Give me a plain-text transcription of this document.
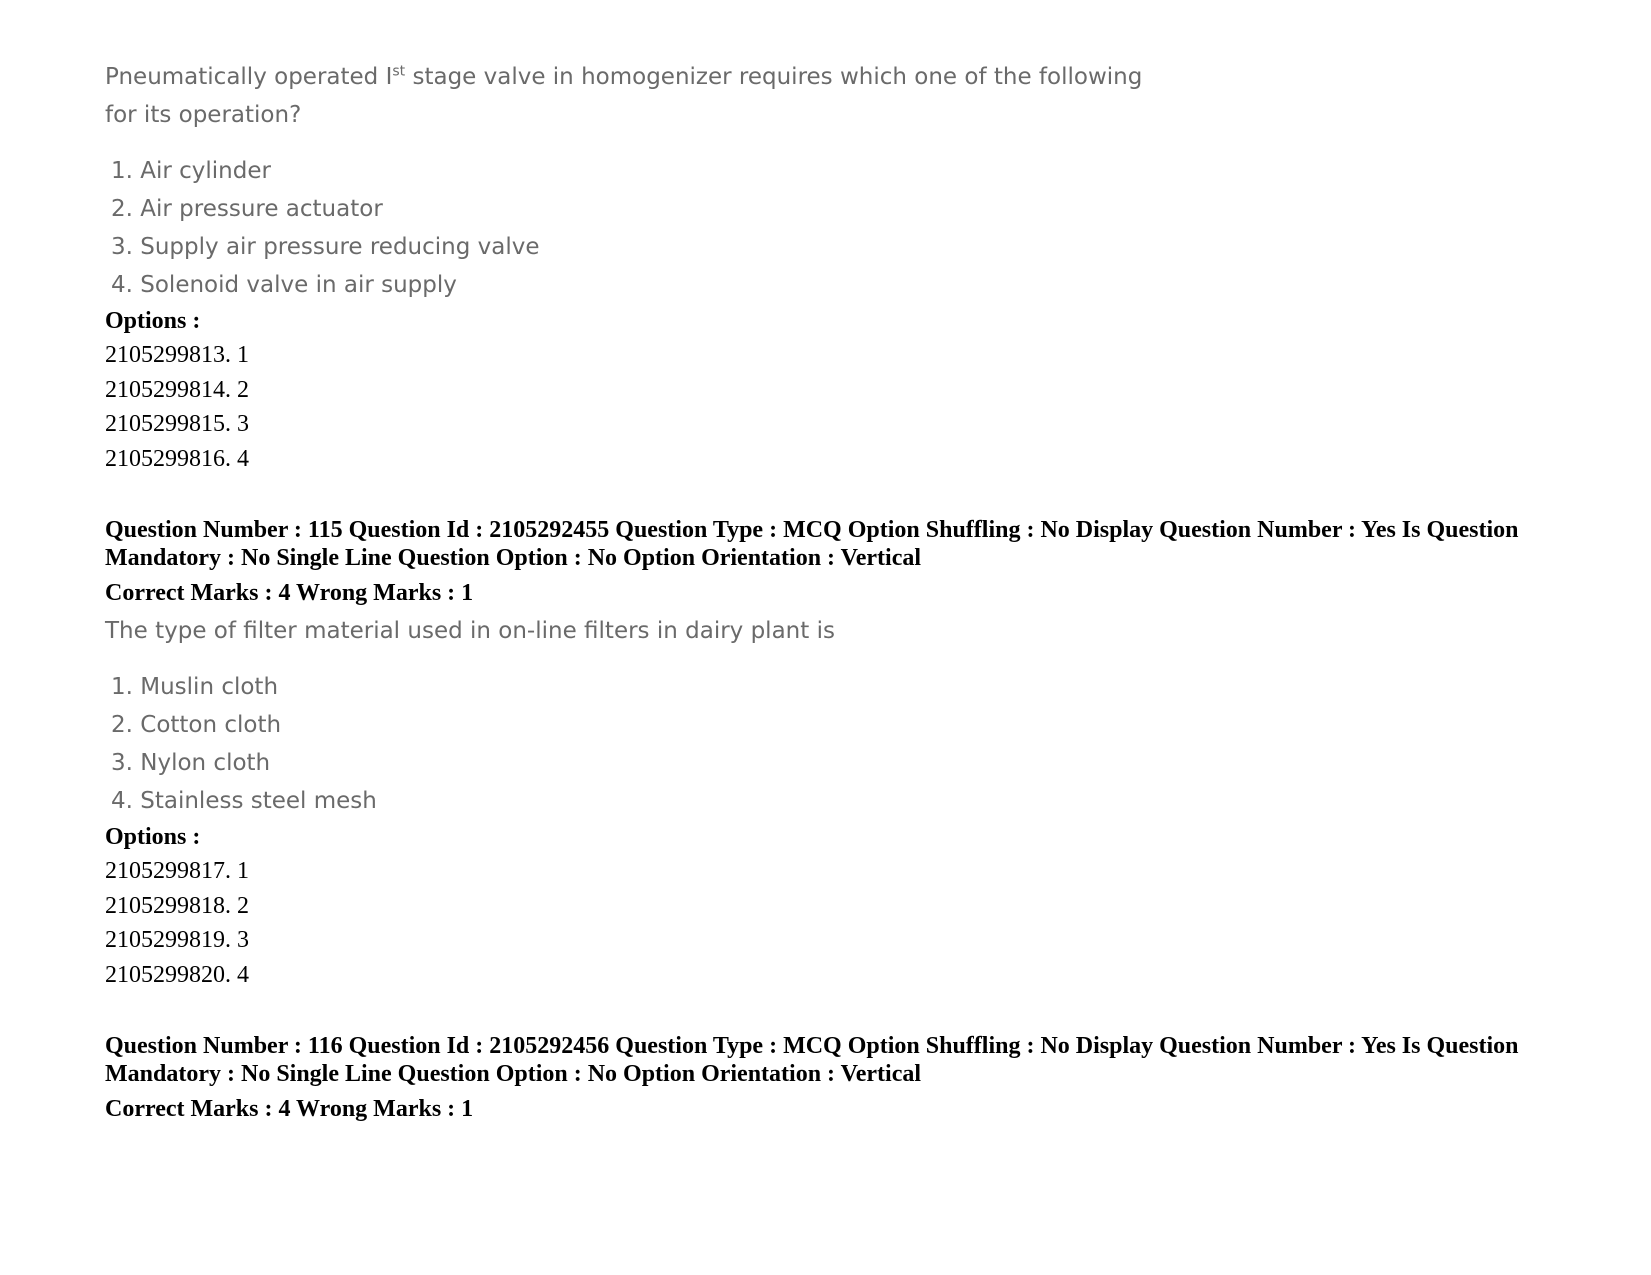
Pneumatically operated Ist stage valve in homogenizer requires which one of the following for its operation?
1. Air cylinder
2. Air pressure actuator
3. Supply air pressure reducing valve
4. Solenoid valve in air supply
Options :
2105299813. 1
2105299814. 2
2105299815. 3
2105299816. 4
Question Number : 115 Question Id : 2105292455 Question Type : MCQ Option Shuffling : No Display Question Number : Yes Is Question Mandatory : No Single Line Question Option : No Option Orientation : Vertical
Correct Marks : 4 Wrong Marks : 1
The type of filter material used in on-line filters in dairy plant is
1. Muslin cloth
2. Cotton cloth
3. Nylon cloth
4. Stainless steel mesh
Options :
2105299817. 1
2105299818. 2
2105299819. 3
2105299820. 4
Question Number : 116 Question Id : 2105292456 Question Type : MCQ Option Shuffling : No Display Question Number : Yes Is Question Mandatory : No Single Line Question Option : No Option Orientation : Vertical
Correct Marks : 4 Wrong Marks : 1
